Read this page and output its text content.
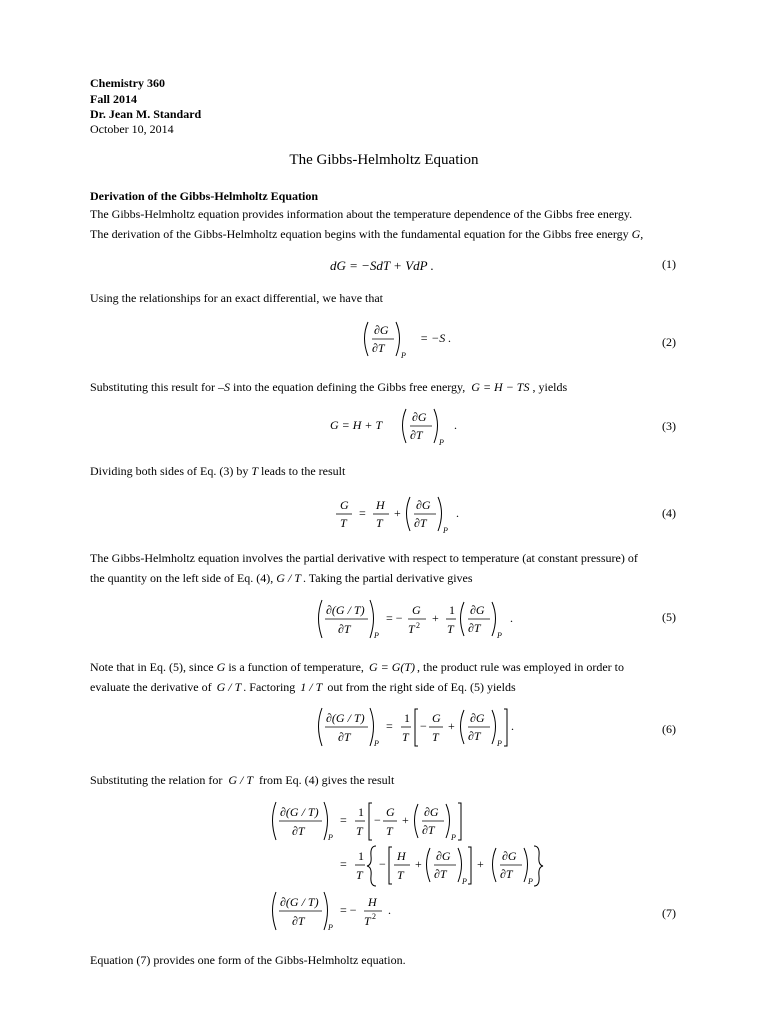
Chemistry 360
Fall 2014
Dr. Jean M. Standard
October 10, 2014
The Gibbs-Helmholtz Equation
Derivation of the Gibbs-Helmholtz Equation
The Gibbs-Helmholtz equation provides information about the temperature dependence of the Gibbs free energy.
The derivation of the Gibbs-Helmholtz equation begins with the fundamental equation for the Gibbs free energy G,
dG = −SdT + VdP .	(1)
Using the relationships for an exact differential, we have that
∂G
∂T
P
= −S .	(2)
Substituting this result for –S into the equation defining the Gibbs free energy, G = H − TS , yields
G = H + T
∂G
∂T
P
.	(3)
Dividing both sides of Eq. (3) by T leads to the result
G
T
=
H
T
+
∂G
∂T
P
.	(4)
The Gibbs-Helmholtz equation involves the partial derivative with respect to temperature (at constant pressure) of
the quantity on the left side of Eq. (4), G / T . Taking the partial derivative gives
∂(G / T)
∂T	P
= −
G
T 2
+
1
T
∂G
∂T
P
.	(5)
Note that in Eq. (5), since G is a function of temperature, G = G(T) , the product rule was employed in order to
evaluate the derivative of G / T . Factoring 1 / T out from the right side of Eq. (5) yields
∂(G / T)
∂T	P
=
1
T
−
G
T
+
∂G
∂T
P
.	(6)
Substituting the relation for G / T from Eq. (4) gives the result
∂(G / T)
∂T	P
=
1
T
−
G
T
+
∂G
∂T
P
=
1
T
−
H
T
+
∂G
∂T
P
+
∂G
∂T
P
∂(G / T)
∂T	P
= −
H
T 2 .	(7)
Equation (7) provides one form of the Gibbs-Helmholtz equation.
